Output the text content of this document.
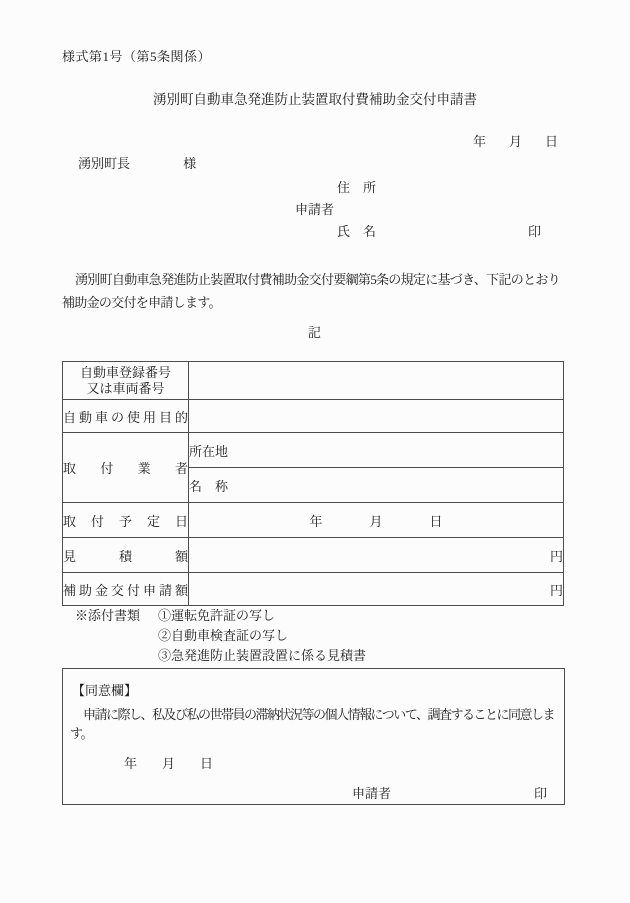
様式第1号（第5条関係）
湧別町自動車急発進防止装置取付費補助金交付申請書
年 月 日
湧別町長	様
住　所
申請者
氏　名	印

湧別町自動車急発進防止装置取付費補助金交付要綱第5条の規定に基づき、下記のとおり補助金の交付を申請します。

記
自動車登録番号
又は車両番号	

自動車の使用目的	
取付業者	所在地
	名　称
取付予定日	年 月 日

見積額	円
補助金交付申請額	円
※添付書類 ①運転免許証の写し
②自動車検査証の写し
③急発進防止装置設置に係る見積書
【同意欄】

申請に際し、私及び私の世帯員の滞納状況等の個人情報について、調査することに同意します。

年 月 日
申請者	印
